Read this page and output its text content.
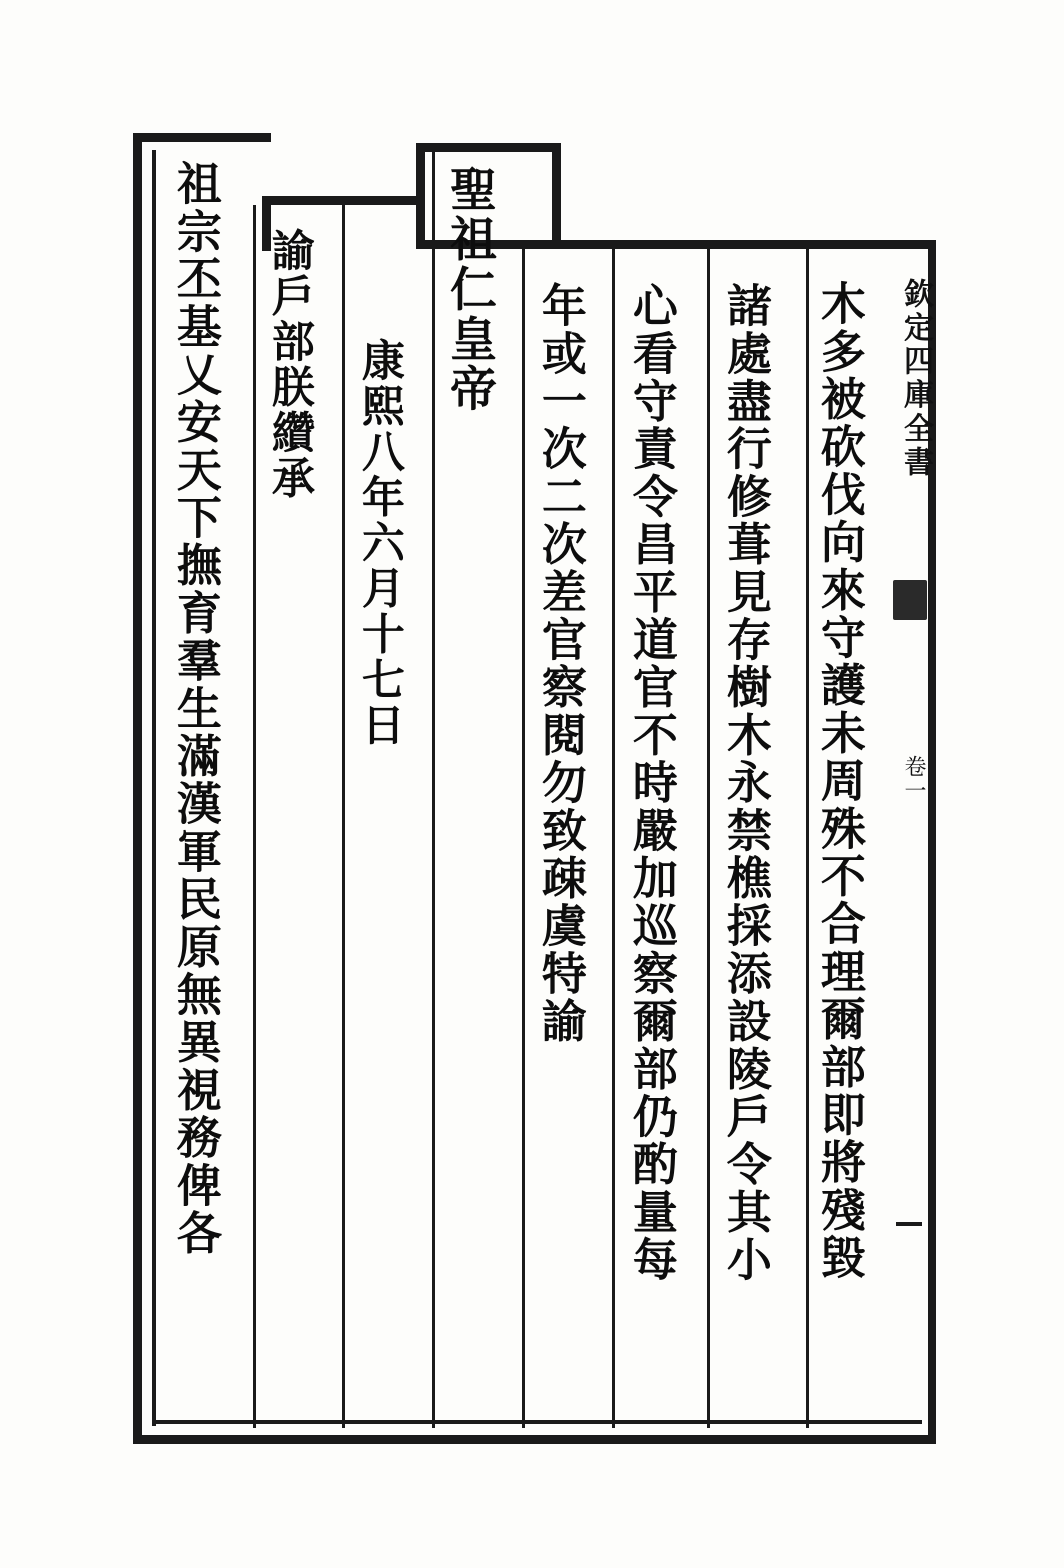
欽定四庫全書
卷一
木多被砍伐向來守護未周殊不合理爾部即將殘毀
諸處盡行修葺見存樹木永禁樵採添設陵戶令其小
心看守責令昌平道官不時嚴加巡察爾部仍酌量每
年或一次二次差官察閱勿致疎虞特諭
聖祖仁皇帝
康熙八年六月十七日
諭戶部朕纘承
祖宗丕基乂安天下撫育羣生滿漢軍民原無異視務俾各
